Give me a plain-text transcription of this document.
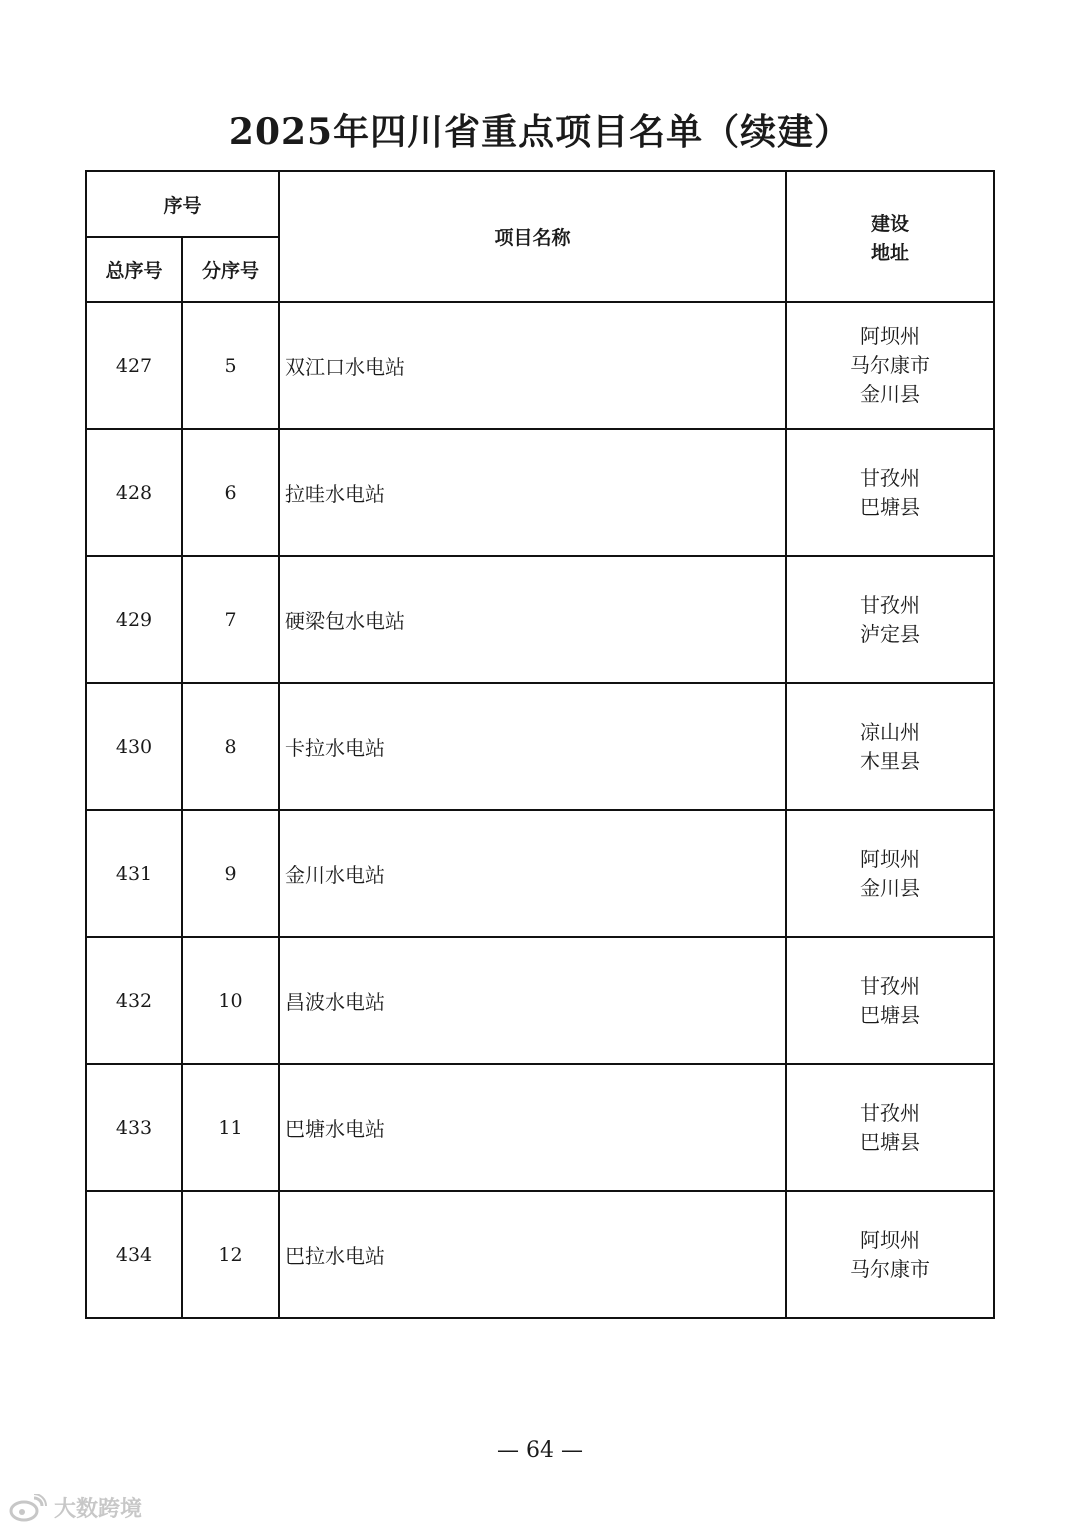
2025年四川省重点项目名单（续建）
序号		项目名称	建设
地址

总序号	分序号		
427	5	双江口水电站	阿坝州
马尔康市
金川县

428	6	拉哇水电站	甘孜州
巴塘县

429	7	硬梁包水电站	甘孜州
泸定县

430	8	卡拉水电站	凉山州
木里县

431	9	金川水电站	阿坝州
金川县

432	10	昌波水电站	甘孜州
巴塘县

433	11	巴塘水电站	甘孜州
巴塘县

434	12	巴拉水电站	阿坝州
马尔康市
— 64 —
大数跨境
